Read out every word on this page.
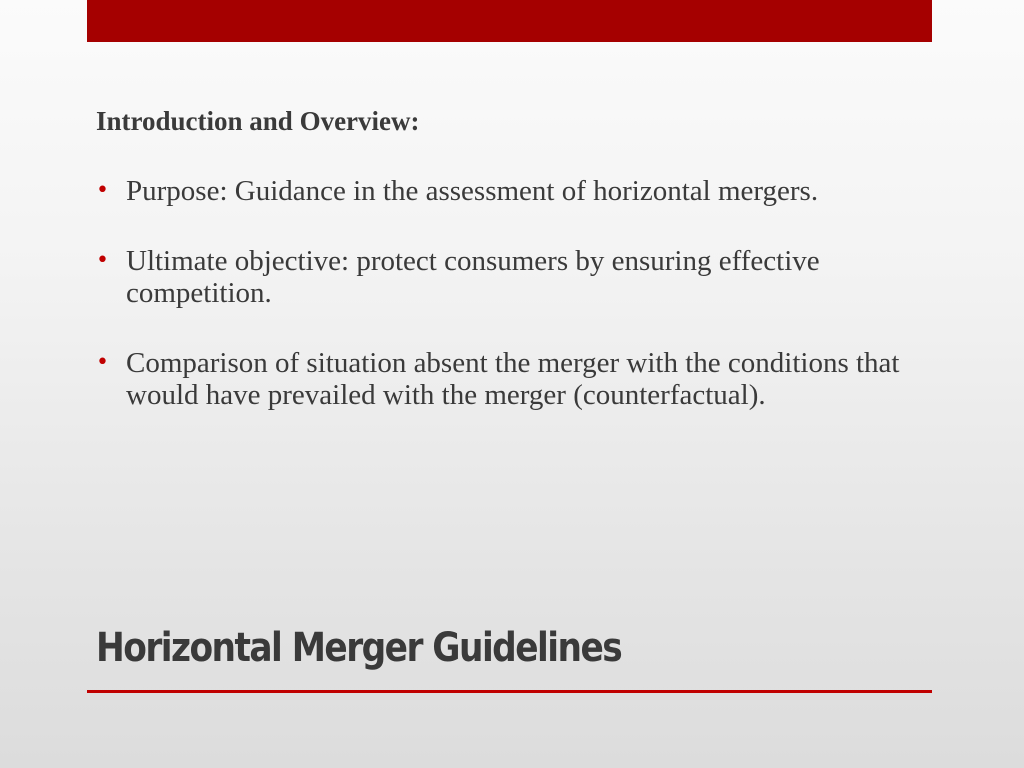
Introduction and Overview:
• Purpose: Guidance in the assessment of horizontal mergers.
• Ultimate objective: protect consumers by ensuring effective competition.
• Comparison of situation absent the merger with the conditions that would have prevailed with the merger (counterfactual).
Horizontal Merger Guidelines
